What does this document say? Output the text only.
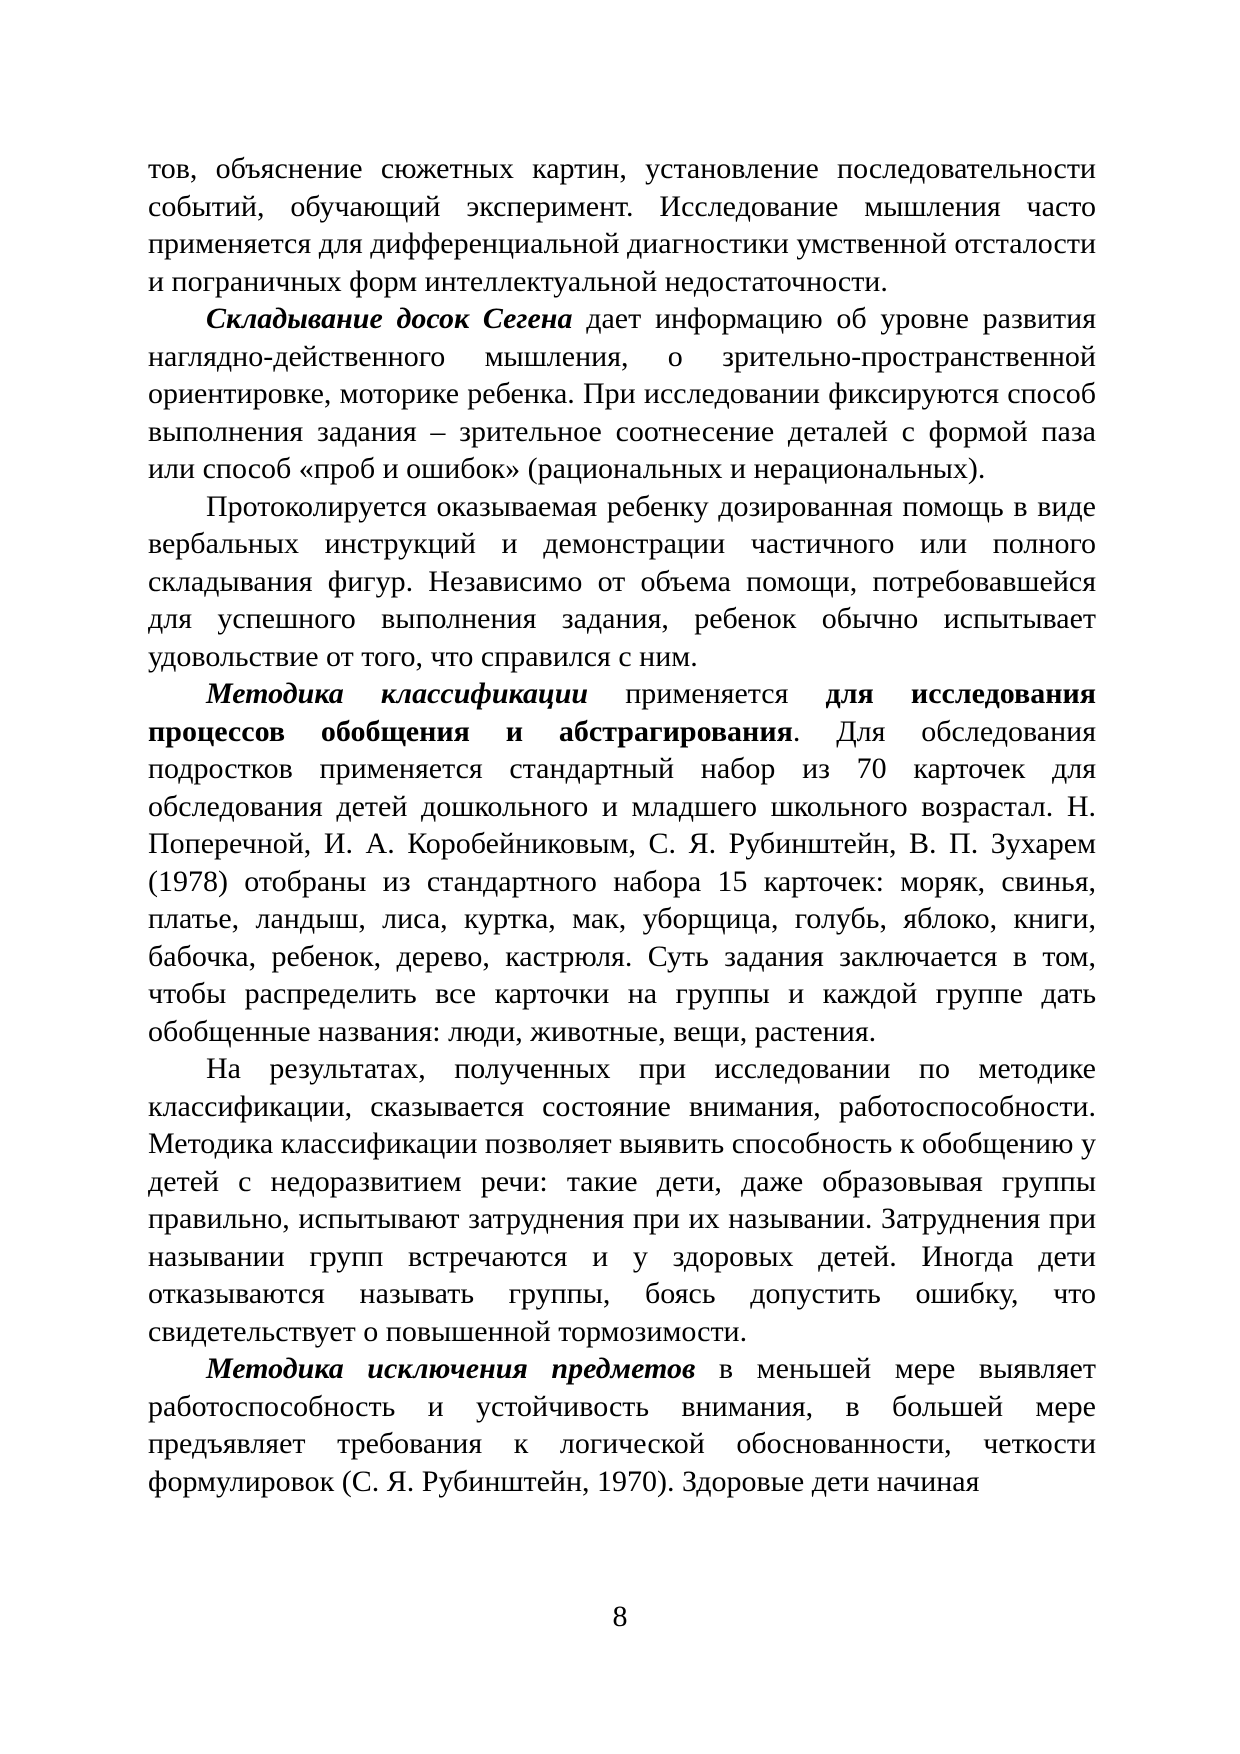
тов, объяснение сюжетных картин, установление последовательности событий, обучающий эксперимент. Исследование мышления часто применяется для дифференциальной диагностики умственной отсталости и пограничных форм интеллектуальной недостаточности.

Складывание досок Сегена дает информацию об уровне развития наглядно-действенного мышления, о зрительно-пространственной ориентировке, моторике ребенка. При исследовании фиксируются способ выполнения задания – зрительное соотнесение деталей с формой паза или способ «проб и ошибок» (рациональных и нерациональных).

Протоколируется оказываемая ребенку дозированная помощь в виде вербальных инструкций и демонстрации частичного или полного складывания фигур. Независимо от объема помощи, потребовавшейся для успешного выполнения задания, ребенок обычно испытывает удовольствие от того, что справился с ним.

Методика классификации применяется для исследования процессов обобщения и абстрагирования. Для обследования подростков применяется стандартный набор из 70 карточек для обследования детей дошкольного и младшего школьного возрастал. Н. Поперечной, И. А. Коробейниковым, С. Я. Рубинштейн, В. П. Зухарем (1978) отобраны из стандартного набора 15 карточек: моряк, свинья, платье, ландыш, лиса, куртка, мак, уборщица, голубь, яблоко, книги, бабочка, ребенок, дерево, кастрюля. Суть задания заключается в том, чтобы распределить все карточки на группы и каждой группе дать обобщенные названия: люди, животные, вещи, растения.

На результатах, полученных при исследовании по методике классификации, сказывается состояние внимания, работоспособности. Методика классификации позволяет выявить способность к обобщению у детей с недоразвитием речи: такие дети, даже образовывая группы правильно, испытывают затруднения при их назывании. Затруднения при назывании групп встречаются и у здоровых детей. Иногда дети отказываются называть группы, боясь допустить ошибку, что свидетельствует о повышенной тормозимости.

Методика исключения предметов в меньшей мере выявляет работоспособность и устойчивость внимания, в большей мере предъявляет требования к логической обоснованности, четкости формулировок (С. Я. Рубинштейн, 1970). Здоровые дети начиная

8
